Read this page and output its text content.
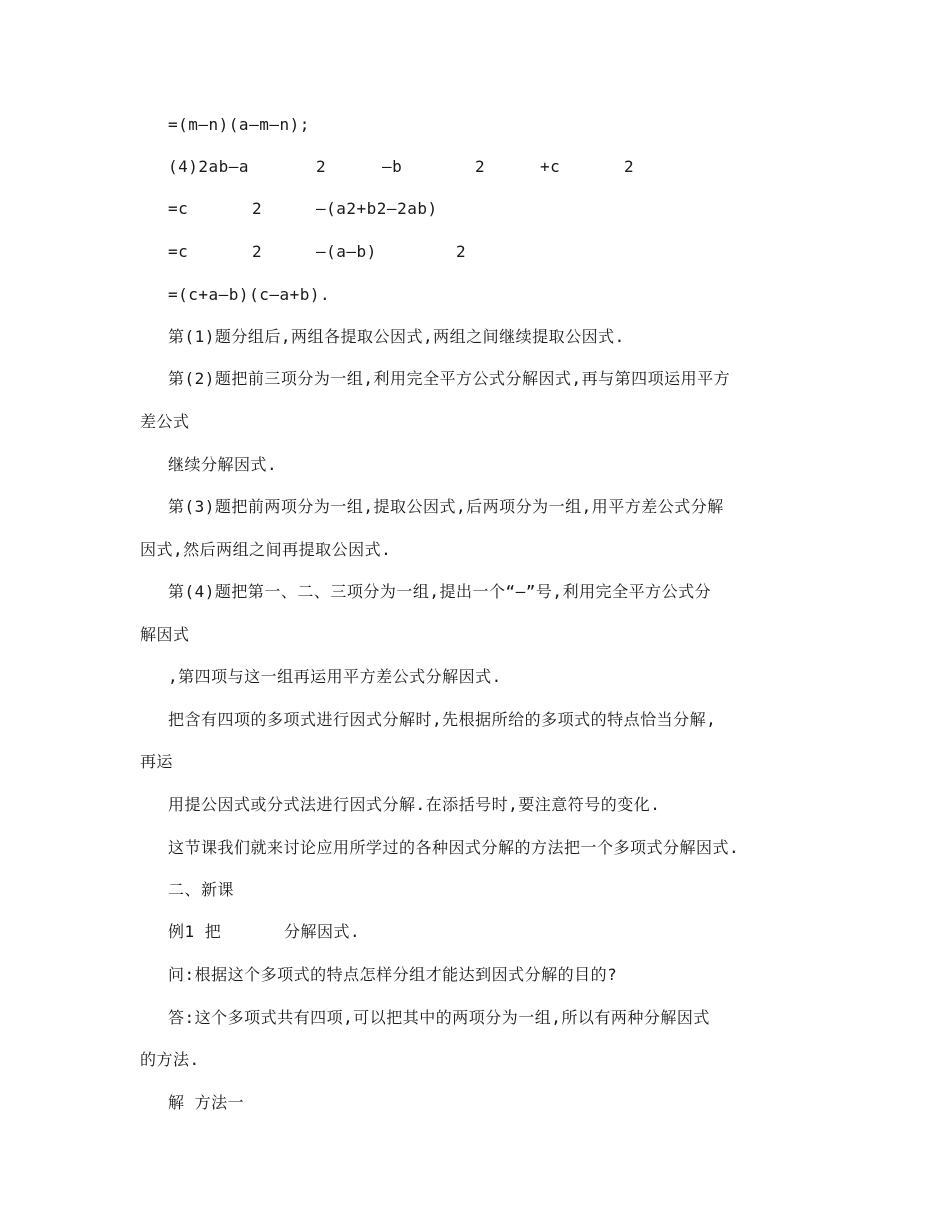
=(m—n)(a—m—n);

(4)2ab—a

	2

	—b

	2

	+c

	2

=c

	2

	—(a2+b2—2ab)

=c

	2

	—(a—b)

	2

=(c+a—b)(c—a+b).
第(1)题分组后,两组各提取公因式,两组之间继续提取公因式.
第(2)题把前三项分为一组,利用完全平方公式分解因式,再与第四项运用平方
差公式
继续分解因式.
第(3)题把前两项分为一组,提取公因式,后两项分为一组,用平方差公式分解
因式,然后两组之间再提取公因式.
第(4)题把第一、二、三项分为一组,提出一个“—”号,利用完全平方公式分
解因式
,第四项与这一组再运用平方差公式分解因式.
把含有四项的多项式进行因式分解时,先根据所给的多项式的特点恰当分解,
再运
用提公因式或分式法进行因式分解.在添括号时,要注意符号的变化.
这节课我们就来讨论应用所学过的各种因式分解的方法把一个多项式分解因式.
二、新课

例1 把

	分解因式.

问:根据这个多项式的特点怎样分组才能达到因式分解的目的?
答:这个多项式共有四项,可以把其中的两项分为一组,所以有两种分解因式
的方法.
解 方法一
